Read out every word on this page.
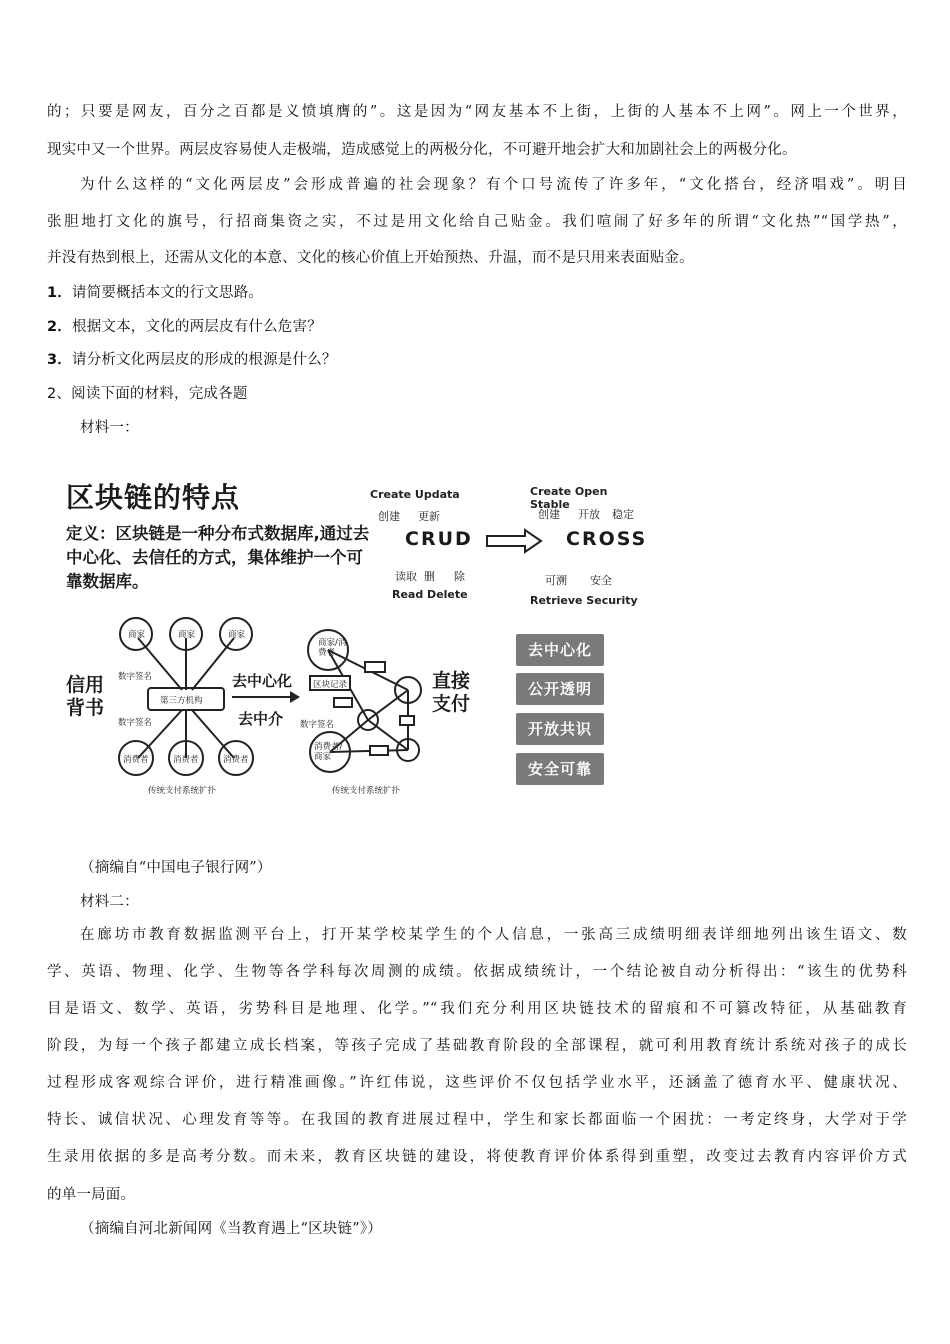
的；只要是网友，百分之百都是义愤填膺的”。这是因为“网友基本不上街，上街的人基本不上网”。网上一个世界，
现实中又一个世界。两层皮容易使人走极端，造成感觉上的两极分化，不可避开地会扩大和加剧社会上的两极分化。
为什么这样的“文化两层皮”会形成普遍的社会现象？有个口号流传了许多年，“文化搭台，经济唱戏”。明目
张胆地打文化的旗号，行招商集资之实，不过是用文化给自己贴金。我们喧闹了好多年的所谓“文化热”“国学热”，
并没有热到根上，还需从文化的本意、文化的核心价值上开始预热、升温，而不是只用来表面贴金。
1．请简要概括本文的行文思路。
2．根据文本，文化的两层皮有什么危害？
3．请分析文化两层皮的形成的根源是什么？
2、阅读下面的材料，完成各题
材料一：
区块链的特点
定义：区块链是一种分布式数据库,通过去中心化、去信任的方式，集体维护一个可靠数据库。
Create Updata
创建 更新
CRUD
读取 删 除
Read Delete
Create Open Stable
创建 开放 稳定
CROSS
可溯 安全
Retrieve Security
商家	商家	商家
第三方机构
数字签名
数字签名
消费者	消费者	消费者
传统支付系统扩扑
信用背书
去中心化
去中介
商家/消费者
区块记录
数字签名
消费者/商家
传统支付系统扩扑
直接支付
去中心化
公开透明
开放共识
安全可靠
（摘编自“中国电子银行网”）
材料二：
在廊坊市教育数据监测平台上，打开某学校某学生的个人信息，一张高三成绩明细表详细地列出该生语文、数
学、英语、物理、化学、生物等各学科每次周测的成绩。依据成绩统计，一个结论被自动分析得出：“该生的优势科
目是语文、数学、英语，劣势科目是地理、化学。”“我们充分利用区块链技术的留痕和不可篡改特征，从基础教育
阶段，为每一个孩子都建立成长档案，等孩子完成了基础教育阶段的全部课程，就可利用教育统计系统对孩子的成长
过程形成客观综合评价，进行精准画像。”许红伟说，这些评价不仅包括学业水平，还涵盖了德育水平、健康状况、
特长、诚信状况、心理发育等等。在我国的教育进展过程中，学生和家长都面临一个困扰：一考定终身，大学对于学
生录用依据的多是高考分数。而未来，教育区块链的建设，将使教育评价体系得到重塑，改变过去教育内容评价方式
的单一局面。
（摘编自河北新闻网《当教育遇上“区块链”》）
